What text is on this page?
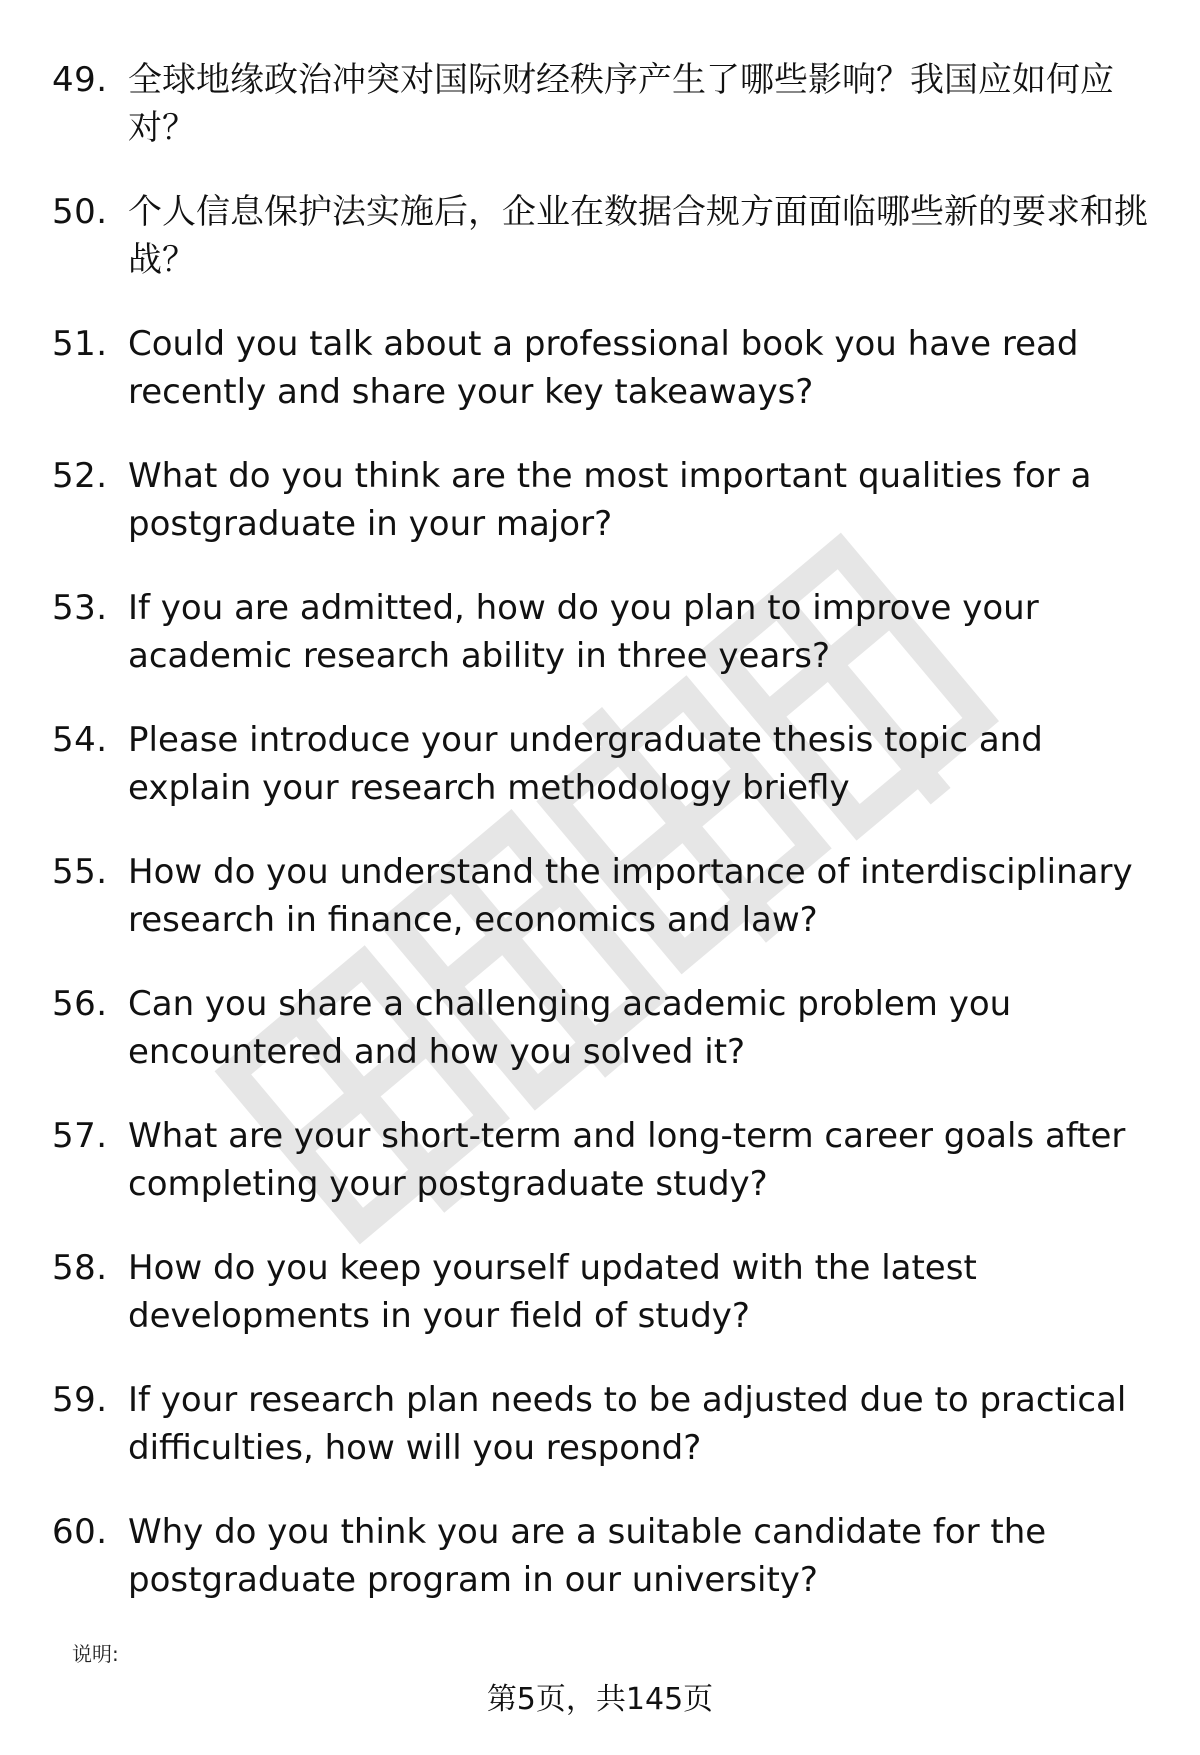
49. 全球地缘政治冲突对国际财经秩序产生了哪些影响？我国应如何应对？
50. 个人信息保护法实施后，企业在数据合规方面面临哪些新的要求和挑战？
51. Could you talk about a professional book you have read recently and share your key takeaways?
52. What do you think are the most important qualities for a postgraduate in your major?
53. If you are admitted, how do you plan to improve your academic research ability in three years?
54. Please introduce your undergraduate thesis topic and explain your research methodology briefly
55. How do you understand the importance of interdisciplinary research in finance, economics and law?
56. Can you share a challenging academic problem you encountered and how you solved it?
57. What are your short-term and long-term career goals after completing your postgraduate study?
58. How do you keep yourself updated with the latest developments in your field of study?
59. If your research plan needs to be adjusted due to practical difficulties, how will you respond?
60. Why do you think you are a suitable candidate for the postgraduate program in our university?
说明:
第5页，共145页
